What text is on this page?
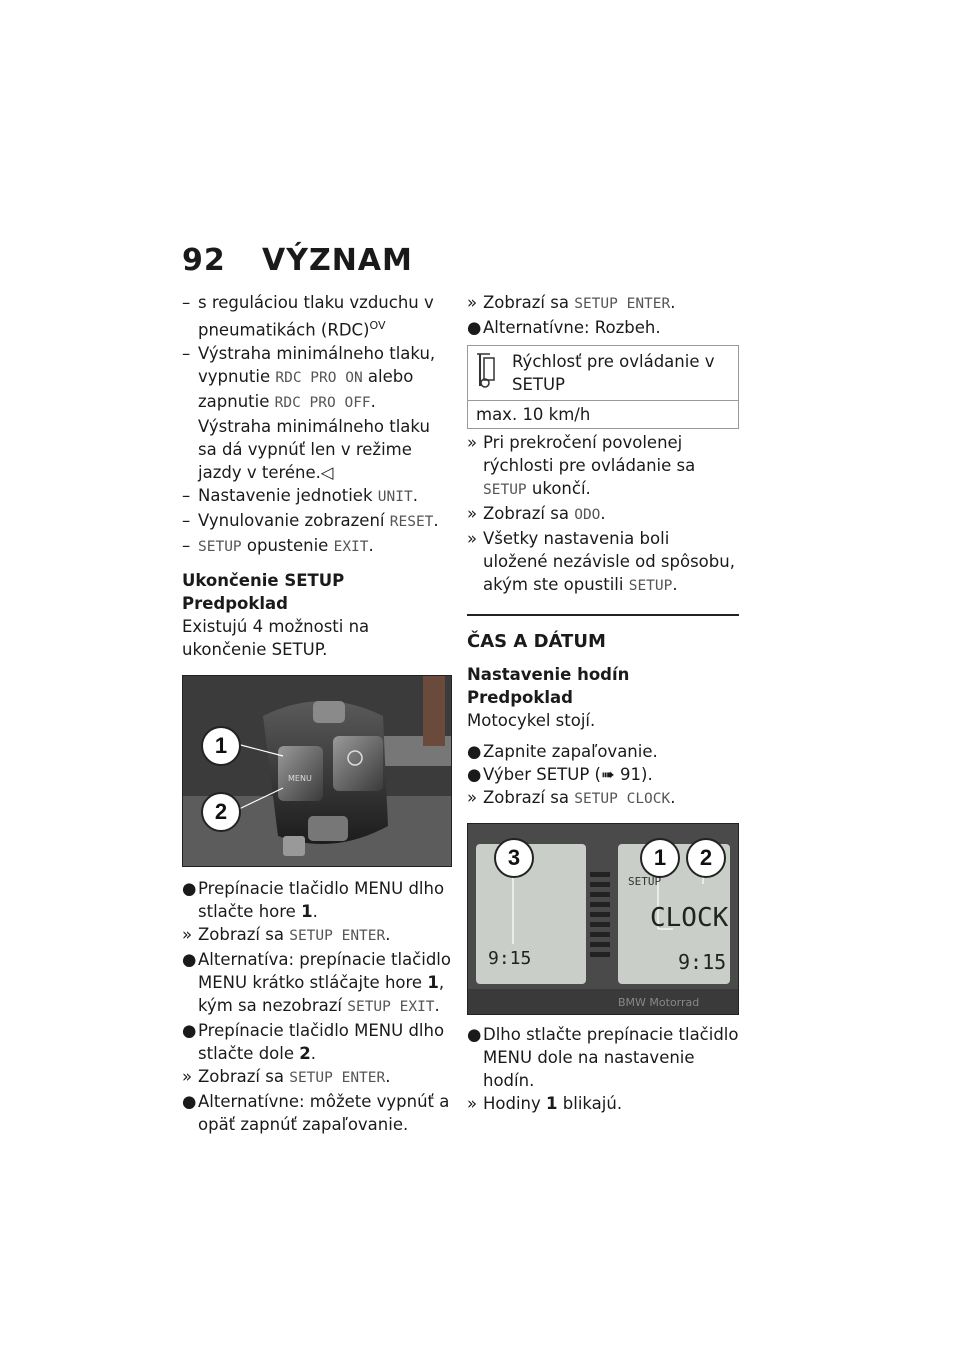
92 VÝZNAM

– s reguláciou tlaku vzduchu v pneumatikách (RDC)$^{OV}$

– Výstraha minimálneho tlaku, vypnutie RDC PRO ON alebo zapnutie RDC PRO OFF. Výstraha minimálneho tlaku sa dá vypnúť len v režime jazdy v teréne.◁

– Nastavenie jednotiek UNIT.

– Vynulovanie zobrazení RESET.

– SETUP opustenie EXIT.

Ukončenie SETUP

Predpoklad

Existujú 4 možnosti na ukončenie SETUP.

MENU
1
2

● Prepínacie tlačidlo MENU dlho stlačte hore 1.

» Zobrazí sa SETUP ENTER.

● Alternatíva: prepínacie tlačidlo MENU krátko stláčajte hore 1, kým sa nezobrazí SETUP EXIT.

● Prepínacie tlačidlo MENU dlho stlačte dole 2.

» Zobrazí sa SETUP ENTER.

● Alternatívne: môžete vypnúť a opäť zapnúť zapaľovanie.

» Zobrazí sa SETUP ENTER.

● Alternatívne: Rozbeh.

Rýchlosť pre ovládanie v SETUP
max. 10 km/h

» Pri prekročení povolenej rýchlosti pre ovládanie sa SETUP ukončí.

» Zobrazí sa ODO.

» Všetky nastavenia boli uložené nezávisle od spôsobu, akým ste opustili SETUP.

ČAS A DÁTUM

Nastavenie hodín

Predpoklad

Motocykel stojí.

● Zapnite zapaľovanie.

● Výber SETUP (➠ 91).

» Zobrazí sa SETUP CLOCK.

SETUP
CLOCK
9:15	9:15
BMW Motorrad
3	1	2

● Dlho stlačte prepínacie tlačidlo MENU dole na nastavenie hodín.

» Hodiny 1 blikajú.
